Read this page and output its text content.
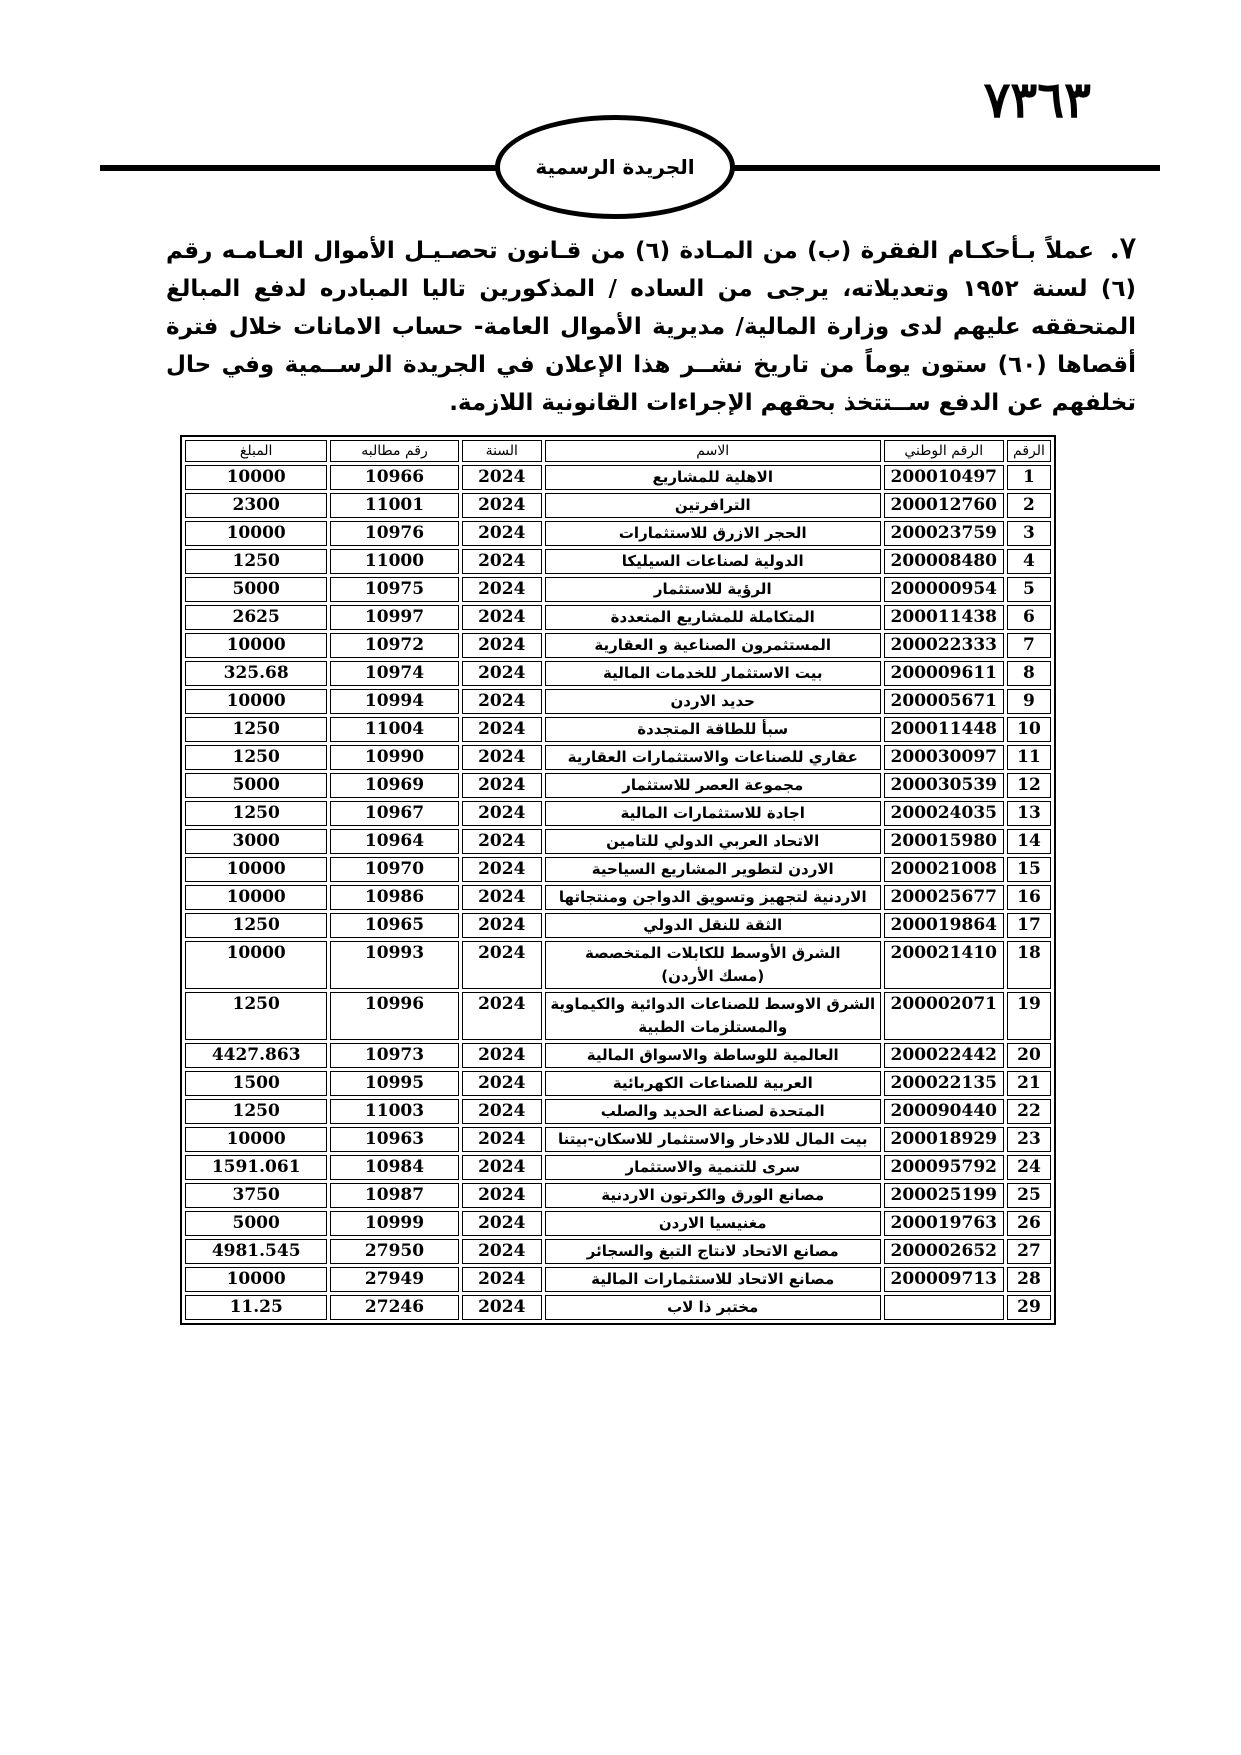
٧٣٦٣
الجريدة الرسمية
٧. عملاً بـأحكـام الفقرة (ب) من المـادة (٦) من قـانون تحصـيـل الأموال العـامـه رقم (٦) لسنة ١٩٥٢ وتعديلاته، يرجى من الساده / المذكورين تاليا المبادره لدفع المبالغ المتحققه عليهم لدى وزارة المالية/ مديرية الأموال العامة- حساب الامانات خلال فترة أقصاها (٦٠) ستون يوماً من تاريخ نشــر هذا الإعلان في الجريدة الرســمية وفي حال تخلفهم عن الدفع ســتتخذ بحقهم الإجراءات القانونية اللازمة.
الرقم	الرقم الوطني	الاسم	السنة	رقم مطالبه	المبلغ
1	200010497	الاهلية للمشاريع	2024	10966	10000
2	200012760	الترافرتين	2024	11001	2300
3	200023759	الحجر الازرق للاستثمارات	2024	10976	10000
4	200008480	الدولية لصناعات السيليكا	2024	11000	1250
5	200000954	الرؤية للاستثمار	2024	10975	5000
6	200011438	المتكاملة للمشاريع المتعددة	2024	10997	2625
7	200022333	المستثمرون الصناعية و العقارية	2024	10972	10000
8	200009611	بيت الاستثمار للخدمات المالية	2024	10974	325.68
9	200005671	حديد الاردن	2024	10994	10000
10	200011448	سبأ للطاقة المتجددة	2024	11004	1250
11	200030097	عقاري للصناعات والاستثمارات العقارية	2024	10990	1250
12	200030539	مجموعة العصر للاستثمار	2024	10969	5000
13	200024035	اجادة للاستثمارات المالية	2024	10967	1250
14	200015980	الاتحاد العربي الدولي للتامين	2024	10964	3000
15	200021008	الاردن لتطوير المشاريع السياحية	2024	10970	10000
16	200025677	الاردنية لتجهيز وتسويق الدواجن ومنتجاتها	2024	10986	10000
17	200019864	الثقة للنقل الدولي	2024	10965	1250
18	200021410	الشرق الأوسط للكابلات المتخصصة
(مسك الأردن)	2024	10993	10000
19	200002071	الشرق الاوسط للصناعات الدوائية والكيماوية
والمستلزمات الطبية	2024	10996	1250
20	200022442	العالمية للوساطة والاسواق المالية	2024	10973	4427.863
21	200022135	العربية للصناعات الكهربائية	2024	10995	1500
22	200090440	المتحدة لصناعة الحديد والصلب	2024	11003	1250
23	200018929	بيت المال للادخار والاستثمار للاسكان-بيتنا	2024	10963	10000
24	200095792	سرى للتنمية والاستثمار	2024	10984	1591.061
25	200025199	مصانع الورق والكرتون الاردنية	2024	10987	3750
26	200019763	مغنيسيا الاردن	2024	10999	5000
27	200002652	مصانع الاتحاد لانتاج التبغ والسجائر	2024	27950	4981.545
28	200009713	مصانع الاتحاد للاستثمارات المالية	2024	27949	10000
29		مختبر ذا لاب	2024	27246	11.25
